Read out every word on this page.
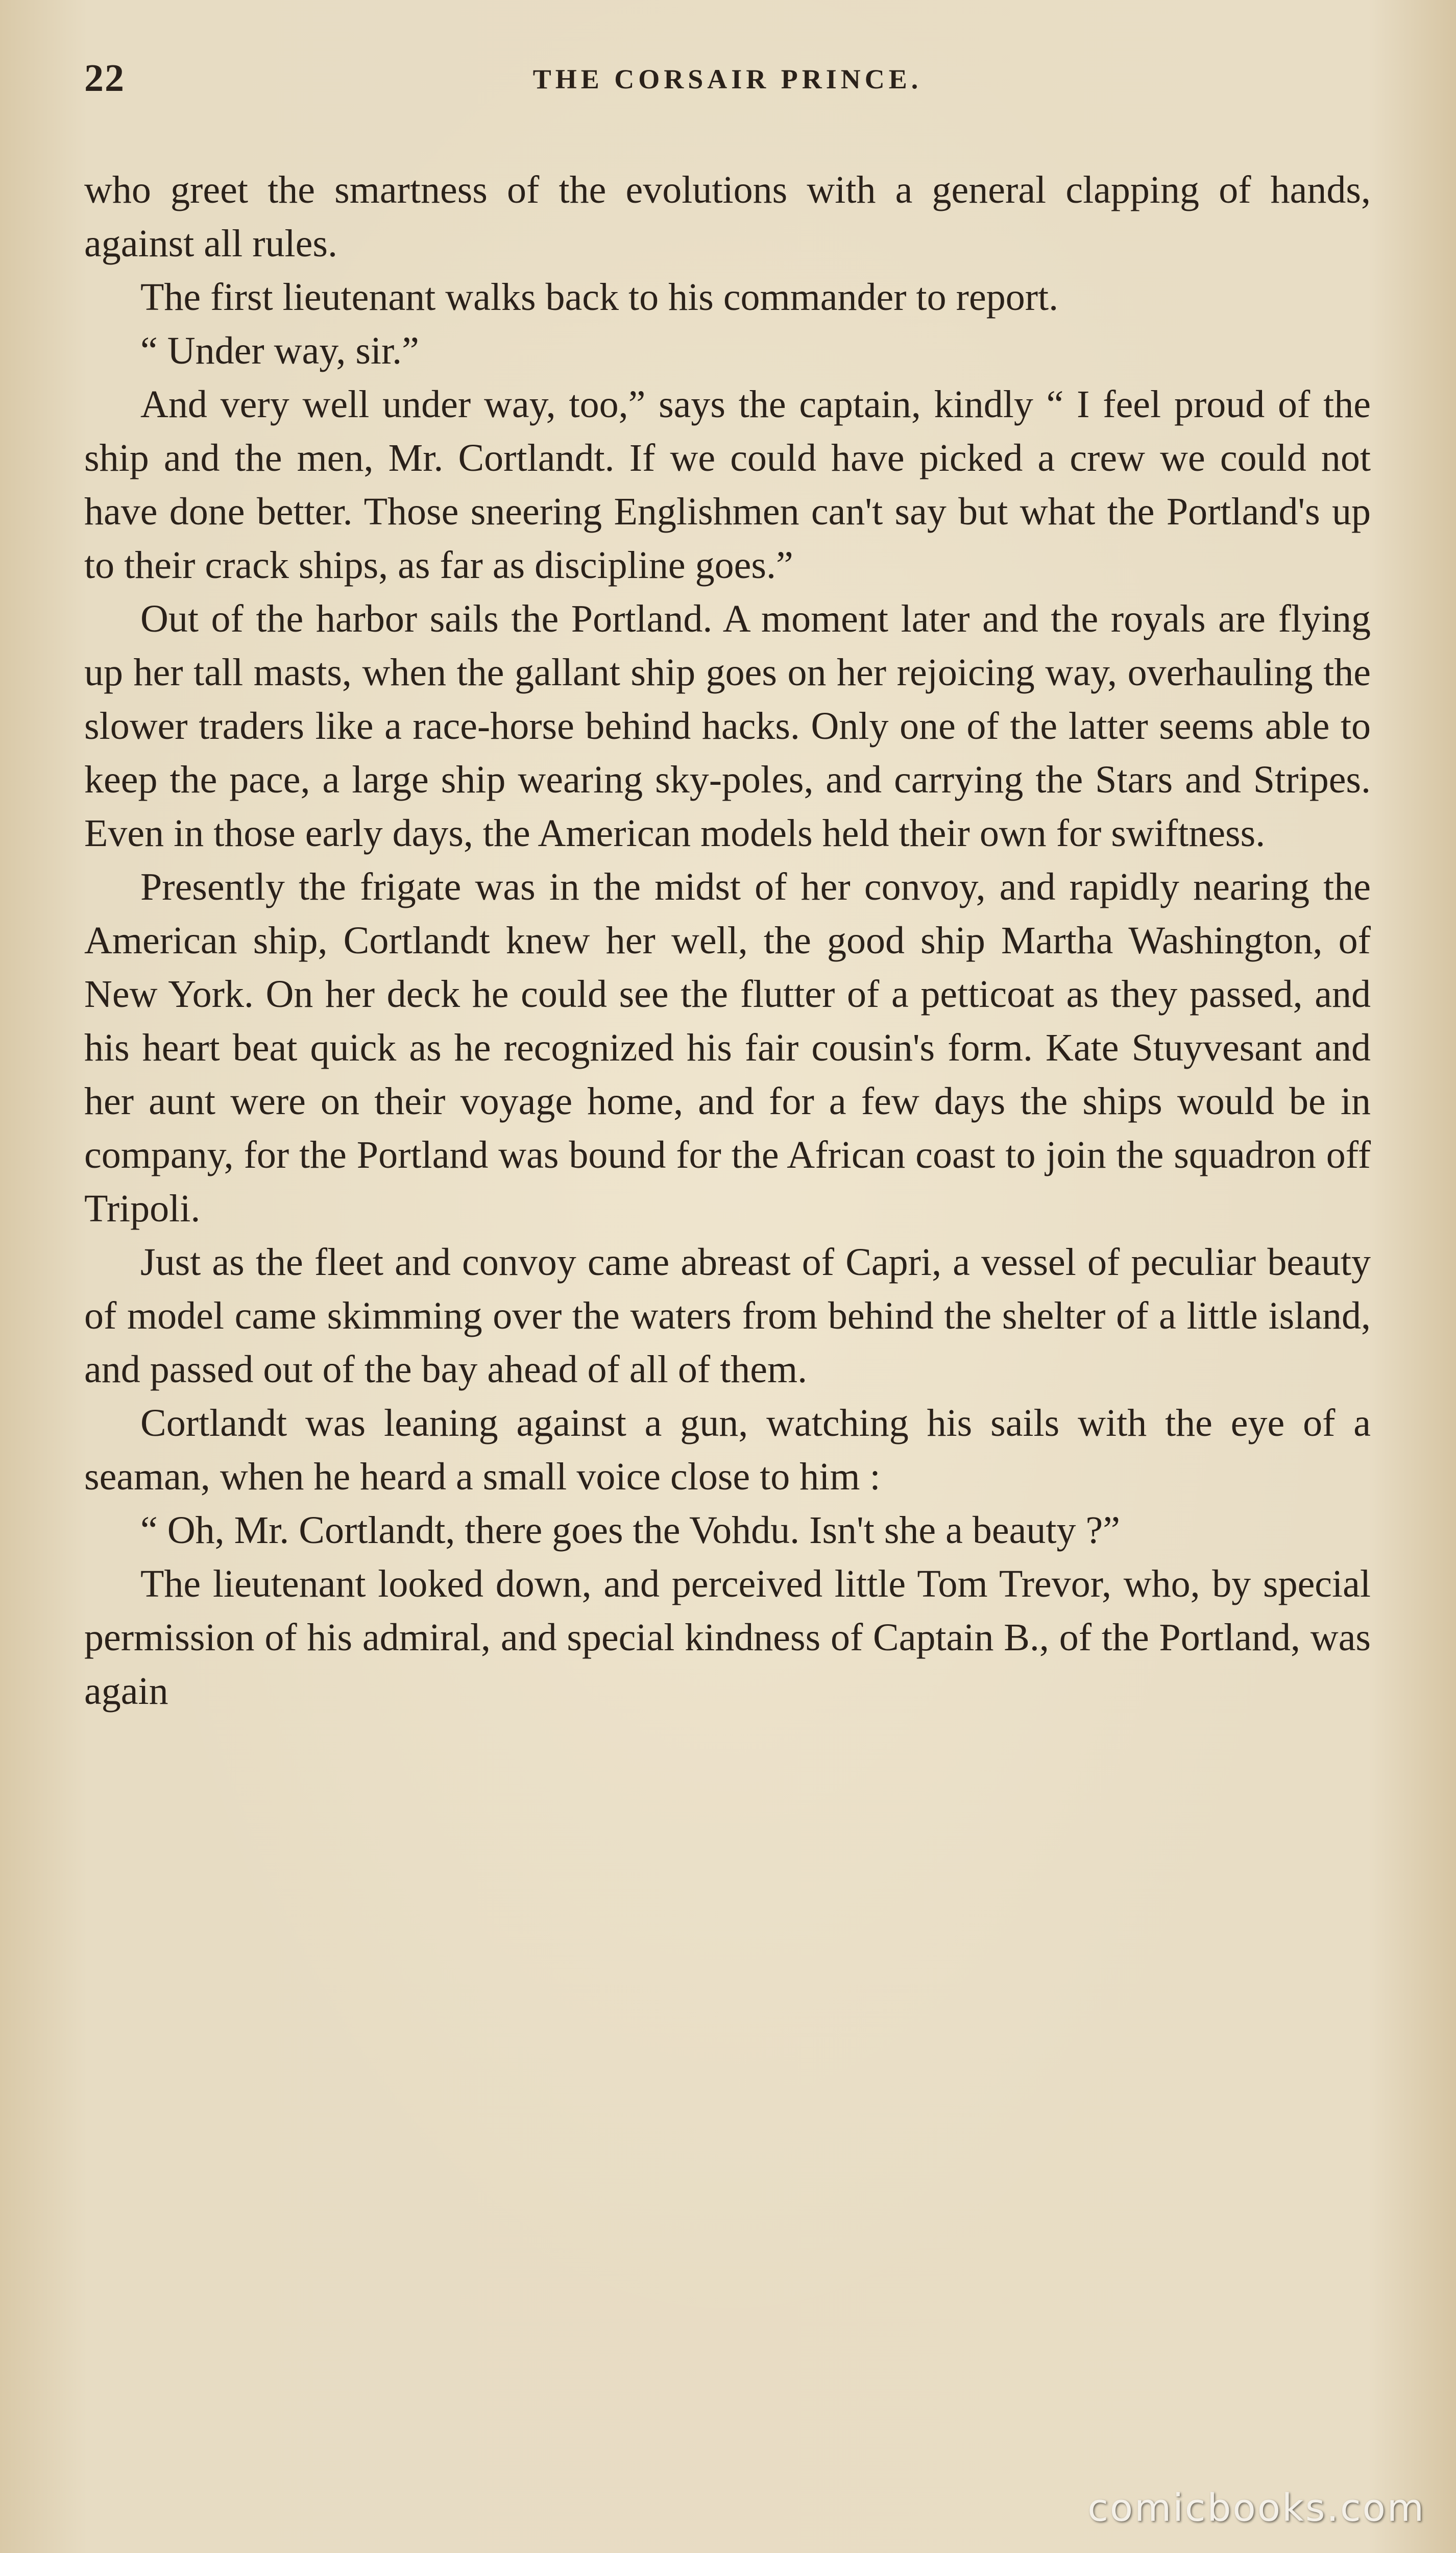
22	THE CORSAIR PRINCE.

who greet the smartness of the evolutions with a general clapping of hands, against all rules.

The first lieutenant walks back to his commander to report.

“ Under way, sir.”

And very well under way, too,” says the captain, kindly “ I feel proud of the ship and the men, Mr. Cortlandt. If we could have picked a crew we could not have done better. Those sneering Englishmen can't say but what the Portland's up to their crack ships, as far as discipline goes.”

Out of the harbor sails the Portland. A moment later and the royals are flying up her tall masts, when the gallant ship goes on her rejoicing way, overhauling the slower traders like a race-horse behind hacks. Only one of the latter seems able to keep the pace, a large ship wearing sky-poles, and carrying the Stars and Stripes. Even in those early days, the American models held their own for swiftness.

Presently the frigate was in the midst of her convoy, and rapidly nearing the American ship, Cortlandt knew her well, the good ship Martha Washington, of New York. On her deck he could see the flutter of a petticoat as they passed, and his heart beat quick as he recognized his fair cousin's form. Kate Stuyvesant and her aunt were on their voyage home, and for a few days the ships would be in company, for the Portland was bound for the African coast to join the squadron off Tripoli.

Just as the fleet and convoy came abreast of Capri, a vessel of peculiar beauty of model came skimming over the waters from behind the shelter of a little island, and passed out of the bay ahead of all of them.

Cortlandt was leaning against a gun, watching his sails with the eye of a seaman, when he heard a small voice close to him :

“ Oh, Mr. Cortlandt, there goes the Vohdu. Isn't she a beauty ?”

The lieutenant looked down, and perceived little Tom Trevor, who, by special permission of his admiral, and special kindness of Captain B., of the Portland, was again

comicbooks.com
